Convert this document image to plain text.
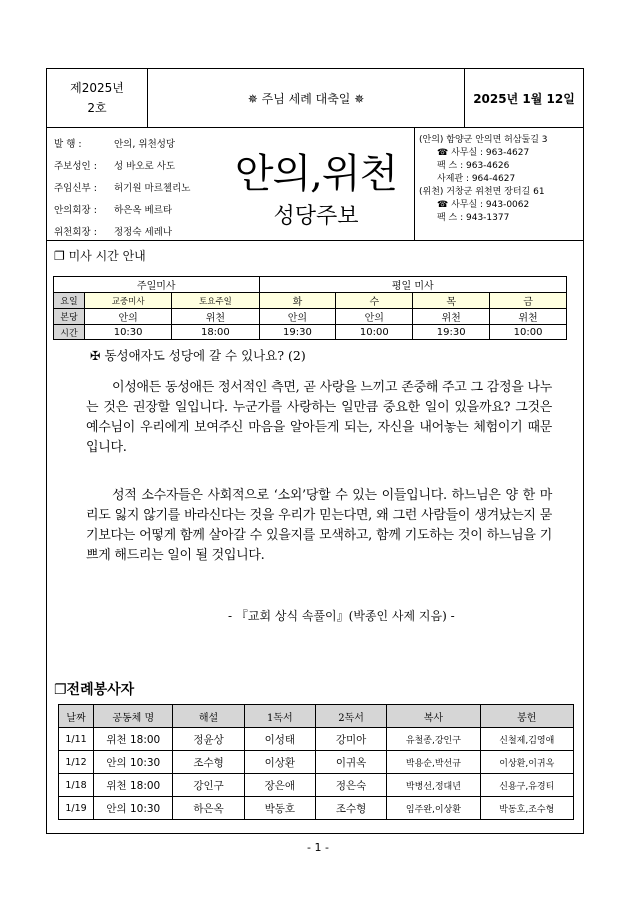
제2025년
2호
✵ 주님 세례 대축일 ✵	2025년 1월 12일
발 행 :	안의, 위천성당
주보성인 :	성 바오로 사도
주임신부 :	허기원 마르첼리노
안의회장 :	하은옥 베르타
위천회장 :	정정숙 세레나
안의,위천
성당주보
(안의) 함양군 안의면 허삼둘길 3
☎ 사무실 : 963-4627
팩 스 : 963-4626
사제관 : 964-4627
(위천) 거창군 위천면 장터길 61
☎ 사무실 : 943-0062
팩 스 : 943-1377
❐ 미사 시간 안내
주일미사			평일 미사			
요일	교중미사	토요주일	화	수	목	금
본당	안의	위천	안의	안의	위천	위천
시간	10:30	18:00	19:30	10:00	19:30	10:00
✠ 동성애자도 성당에 갈 수 있나요? (2)
이성애든 동성애든 정서적인 측면, 곧 사랑을 느끼고 존중해 주고 그 감정을 나누는 것은 권장할 일입니다. 누군가를 사랑하는 일만큼 중요한 일이 있을까요? 그것은 예수님이 우리에게 보여주신 마음을 알아듣게 되는, 자신을 내어놓는 체험이기 때문입니다.
성적 소수자들은 사회적으로 ‘소외’당할 수 있는 이들입니다. 하느님은 양 한 마리도 잃지 않기를 바라신다는 것을 우리가 믿는다면, 왜 그런 사람들이 생겨났는지 묻기보다는 어떻게 함께 살아갈 수 있을지를 모색하고, 함께 기도하는 것이 하느님을 기쁘게 해드리는 일이 될 것입니다.
- 『교회 상식 속풀이』(박종인 사제 지음) -
❐전례봉사자
날짜	공동체 명	해설	1독서	2독서	복사	봉헌
1/11	위천 18:00	정윤상	이성태	강미아	유철종,강인구	신철제,김영애
1/12	안의 10:30	조수형	이상환	이귀옥	박용순,박선규	이상환,이귀옥
1/18	위천 18:00	강인구	장은애	정은숙	박병선,정대년	신용구,유경티
1/19	안의 10:30	하은옥	박동호	조수형	임주완,이상환	박동호,조수형
- 1 -
